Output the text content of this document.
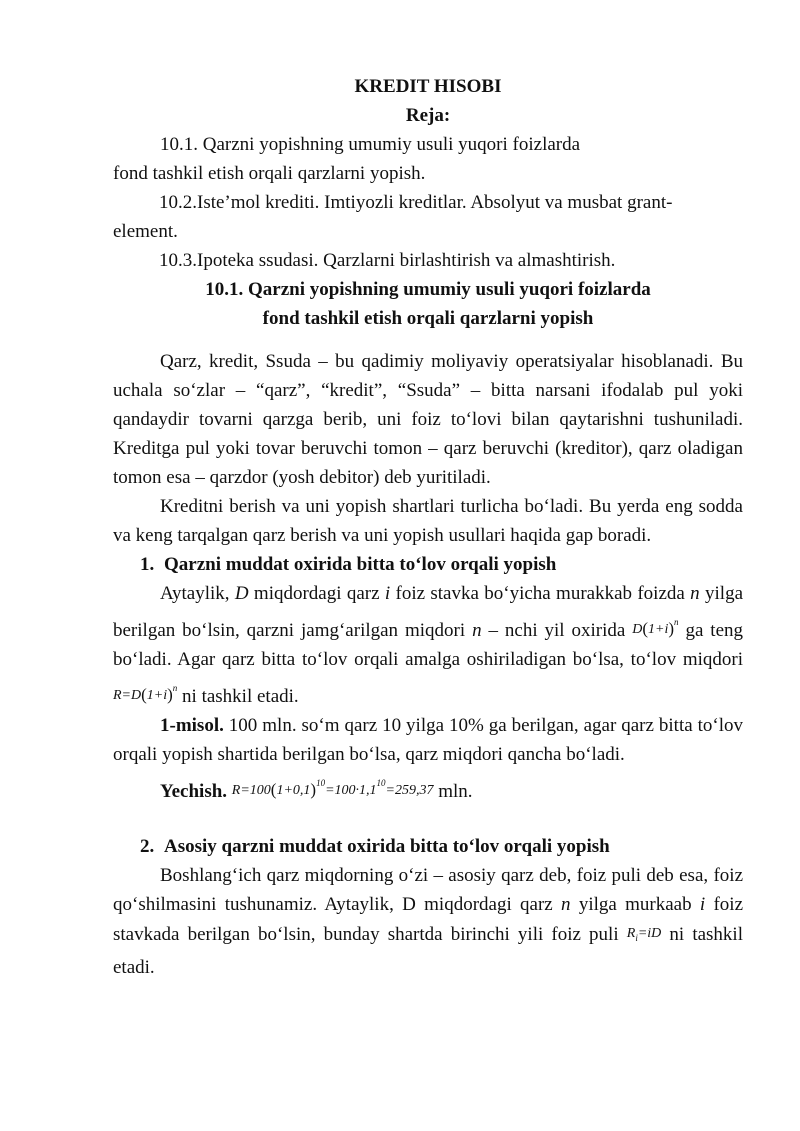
KREDIT HISOBI

Reja:

10.1. Qarzni yopishning umumiy usuli yuqori foizlarda
fond tashkil etish orqali qarzlarni yopish.

10.2.Iste’mol krediti. Imtiyozli kreditlar. Absolyut va musbat grant-
element.

10.3.Ipoteka ssudasi. Qarzlarni birlashtirish va almashtirish.

10.1. Qarzni yopishning umumiy usuli yuqori foizlarda
fond tashkil etish orqali qarzlarni yopish

Qarz, kredit, Ssuda – bu qadimiy moliyaviy operatsiyalar hisoblanadi. Bu uchala so‘zlar – “qarz”, “kredit”, “Ssuda” – bitta narsani ifodalab pul yoki qandaydir tovarni qarzga berib, uni foiz to‘lovi bilan qaytarishni tushuniladi. Kreditga pul yoki tovar beruvchi tomon – qarz beruvchi (kreditor), qarz oladigan tomon esa – qarzdor (yosh debitor) deb yuritiladi.

Kreditni berish va uni yopish shartlari turlicha bo‘ladi. Bu yerda eng sodda va keng tarqalgan qarz berish va uni yopish usullari haqida gap boradi.

1. Qarzni muddat oxirida bitta to‘lov orqali yopish

Aytaylik, D miqdordagi qarz i foiz stavka bo‘yicha murakkab foizda n yilga berilgan bo‘lsin, qarzni jamg‘arilgan miqdori n – nchi yil oxirida $D(1+i)^n$ ga teng bo‘ladi. Agar qarz bitta to‘lov orqali amalga oshiriladigan bo‘lsa, to‘lov miqdori $R=D(1+i)^n$ ni tashkil etadi.

1-misol. 100 mln. so‘m qarz 10 yilga 10% ga berilgan, agar qarz bitta to‘lov orqali yopish shartida berilgan bo‘lsa, qarz miqdori qancha bo‘ladi.

Yechish. $R=100(1+0,1)^{10}=100\cdot 1,1^{10}=259,37$ mln.

2. Asosiy qarzni muddat oxirida bitta to‘lov orqali yopish

Boshlang‘ich qarz miqdorning o‘zi – asosiy qarz deb, foiz puli deb esa, foiz qo‘shilmasini tushunamiz. Aytaylik, D miqdordagi qarz n yilga murkaab i foiz stavkada berilgan bo‘lsin, bunday shartda birinchi yili foiz puli $R_i=iD$ ni tashkil etadi.
